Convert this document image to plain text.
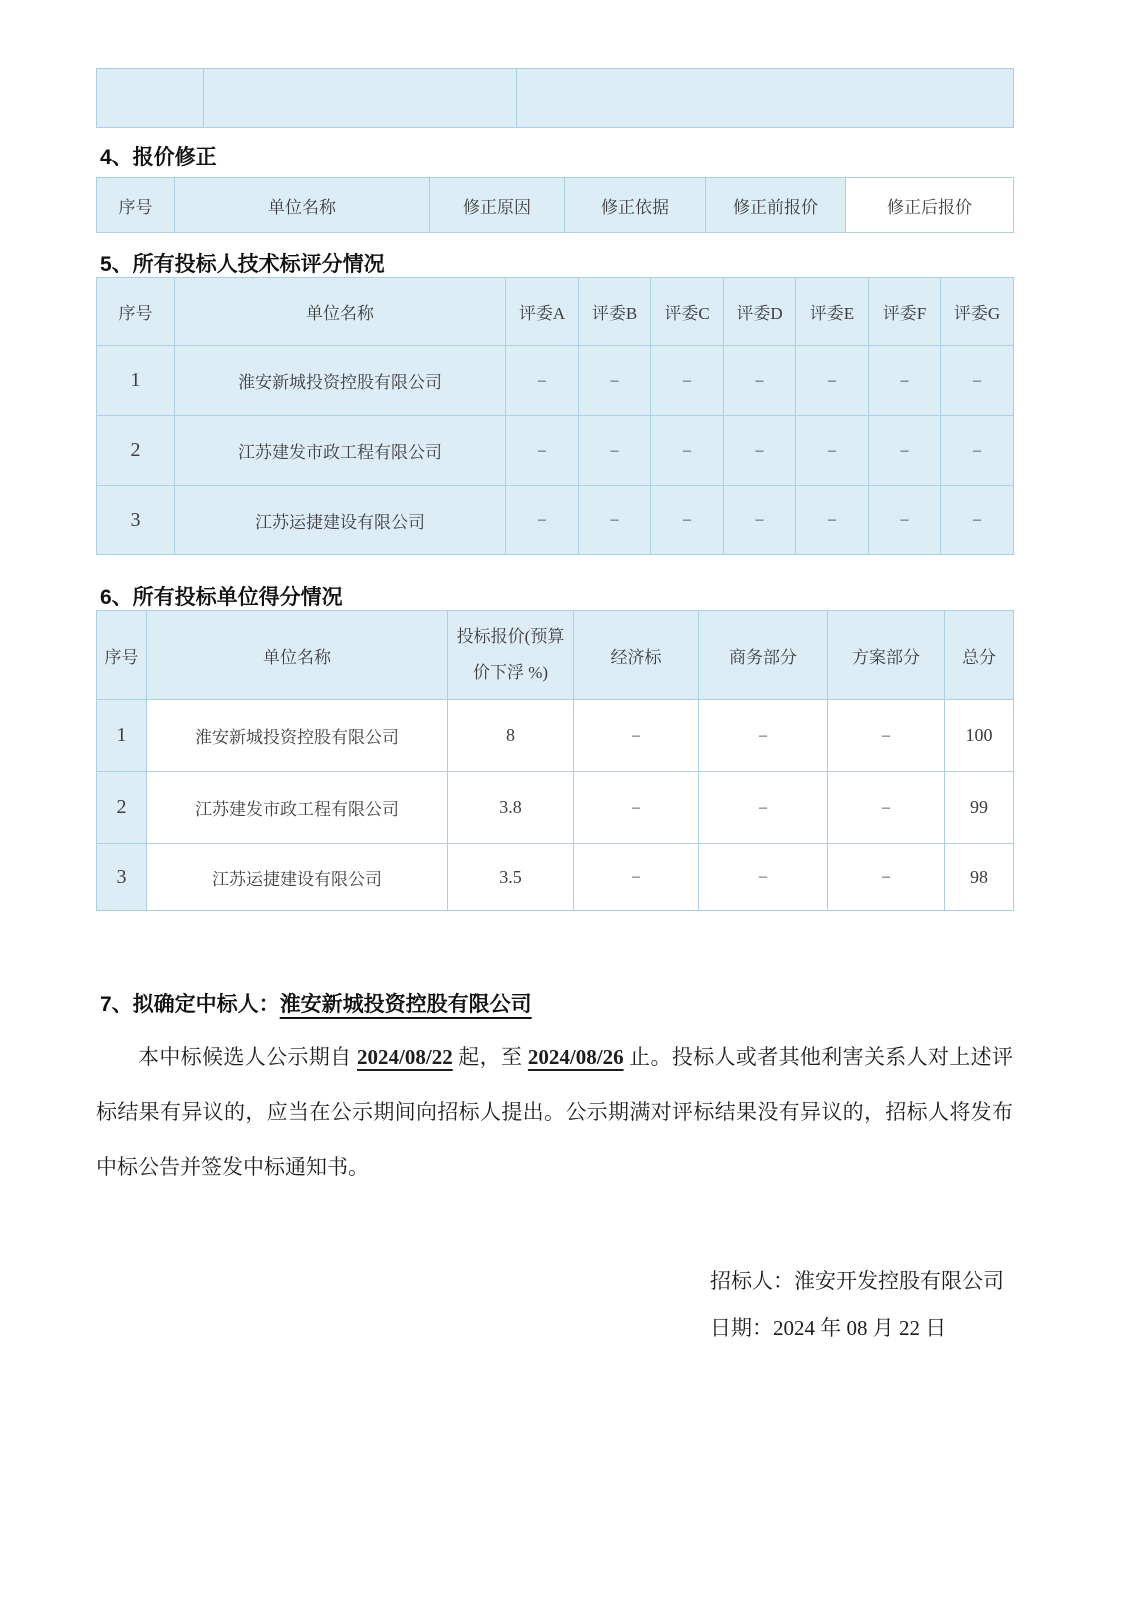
4、报价修正
序号	单位名称	修正原因	修正依据	修正前报价	修正后报价
5、所有投标人技术标评分情况
序号	单位名称	评委A	评委B	评委C	评委D	评委E	评委F	评委G
1	淮安新城投资控股有限公司	–	–	–	–	–	–	–
2	江苏建发市政工程有限公司	–	–	–	–	–	–	–
3	江苏运捷建设有限公司	–	–	–	–	–	–	–
6、所有投标单位得分情况
序号	单位名称	投标报价(预算价下浮 %)	经济标	商务部分	方案部分	总分
1	淮安新城投资控股有限公司	8	–	–	–	100
2	江苏建发市政工程有限公司	3.8	–	–	–	99
3	江苏运捷建设有限公司	3.5	–	–	–	98
7、拟确定中标人：淮安新城投资控股有限公司
本中标候选人公示期自 2024/08/22 起，至 2024/08/26 止。投标人或者其他利害关系人对上述评标结果有异议的，应当在公示期间向招标人提出。公示期满对评标结果没有异议的，招标人将发布中标公告并签发中标通知书。
招标人：淮安开发控股有限公司
日期：2024 年 08 月 22 日
